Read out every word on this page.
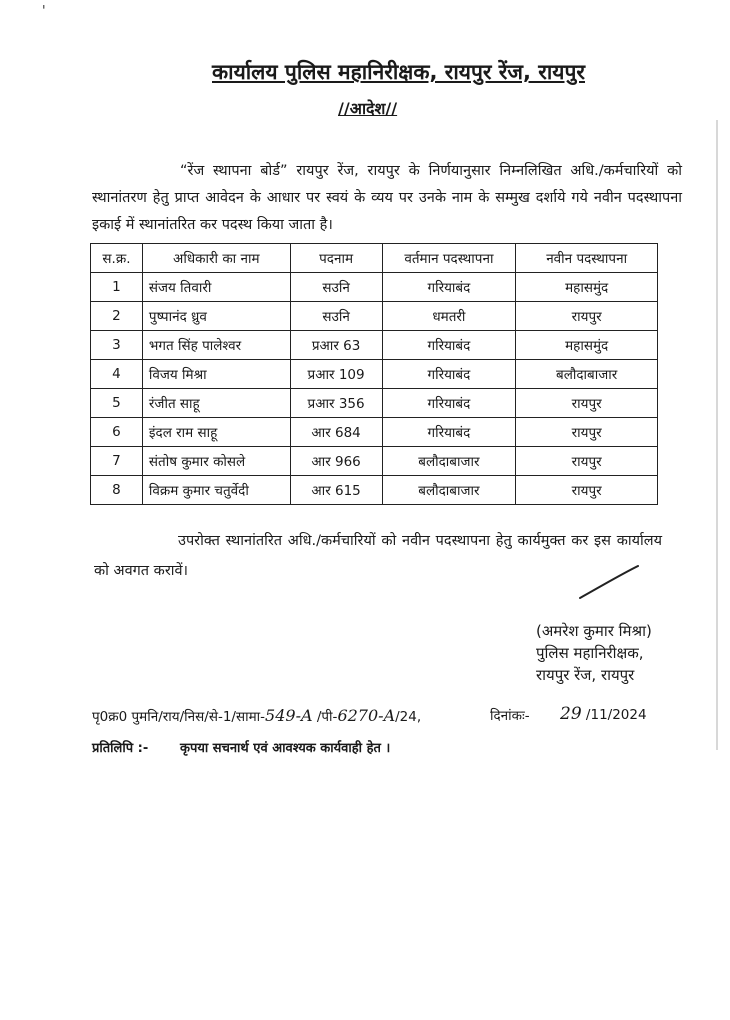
'
कार्यालय पुलिस महानिरीक्षक, रायपुर रेंज, रायपुर
//आदेश//
“रेंज स्थापना बोर्ड” रायपुर रेंज, रायपुर के निर्णयानुसार निम्नलिखित अधि./कर्मचारियों को स्थानांतरण हेतु प्राप्त आवेदन के आधार पर स्वयं के व्यय पर उनके नाम के सम्मुख दर्शाये गये नवीन पदस्थापना इकाई में स्थानांतरित कर पदस्थ किया जाता है।
स.क्र.	अधिकारी का नाम	पदनाम	वर्तमान पदस्थापना	नवीन पदस्थापना
1	संजय तिवारी	सउनि	गरियाबंद	महासमुंद
2	पुष्पानंद ध्रुव	सउनि	धमतरी	रायपुर
3	भगत सिंह पालेश्वर	प्रआर 63	गरियाबंद	महासमुंद
4	विजय मिश्रा	प्रआर 109	गरियाबंद	बलौदाबाजार
5	रंजीत साहू	प्रआर 356	गरियाबंद	रायपुर
6	इंदल राम साहू	आर 684	गरियाबंद	रायपुर
7	संतोष कुमार कोसले	आर 966	बलौदाबाजार	रायपुर
8	विक्रम कुमार चतुर्वेदी	आर 615	बलौदाबाजार	रायपुर
उपरोक्त स्थानांतरित अधि./कर्मचारियों को नवीन पदस्थापना हेतु कार्यमुक्त कर इस कार्यालय को अवगत करावें।
(अमरेश कुमार मिश्रा)
पुलिस महानिरीक्षक,
रायपुर रेंज, रायपुर
पृ0क्र0 पुमनि/राय/निस/से-1/सामा-549-A /पी-6270-A/24,	दिनांकः- 29 /11/2024
प्रतिलिपि :- कृपया सचनार्थ एवं आवश्यक कार्यवाही हेत ।
